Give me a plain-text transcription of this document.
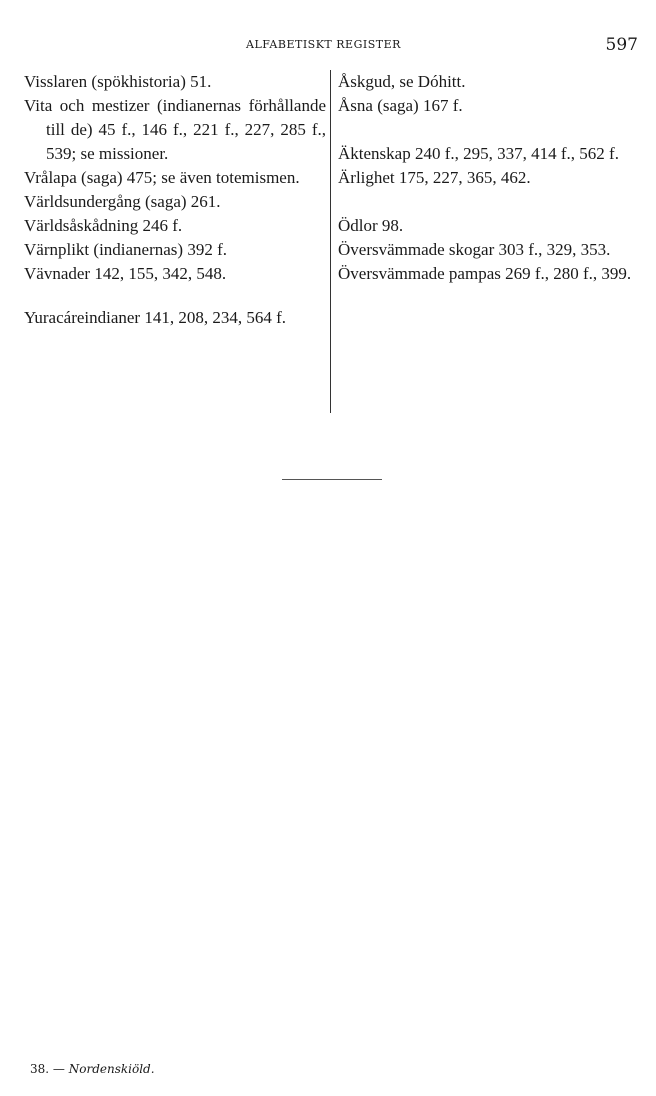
ALFABETISKT REGISTER	597
Visslaren (spökhistoria) 51.
Vita och mestizer (indianernas förhållande till de) 45 f., 146 f., 221 f., 227, 285 f., 539; se missioner.
Vrålapa (saga) 475; se även totemismen.
Världsundergång (saga) 261.
Världsåskådning 246 f.
Värnplikt (indianernas) 392 f.
Vävnader 142, 155, 342, 548.
Yuracáreindianer 141, 208, 234, 564 f.
Åskgud, se Dóhitt.
Åsna (saga) 167 f.
Äktenskap 240 f., 295, 337, 414 f., 562 f.
Ärlighet 175, 227, 365, 462.
Ödlor 98.
Översvämmade skogar 303 f., 329, 353.
Översvämmade pampas 269 f., 280 f., 399.
38. — Nordenskiöld.
